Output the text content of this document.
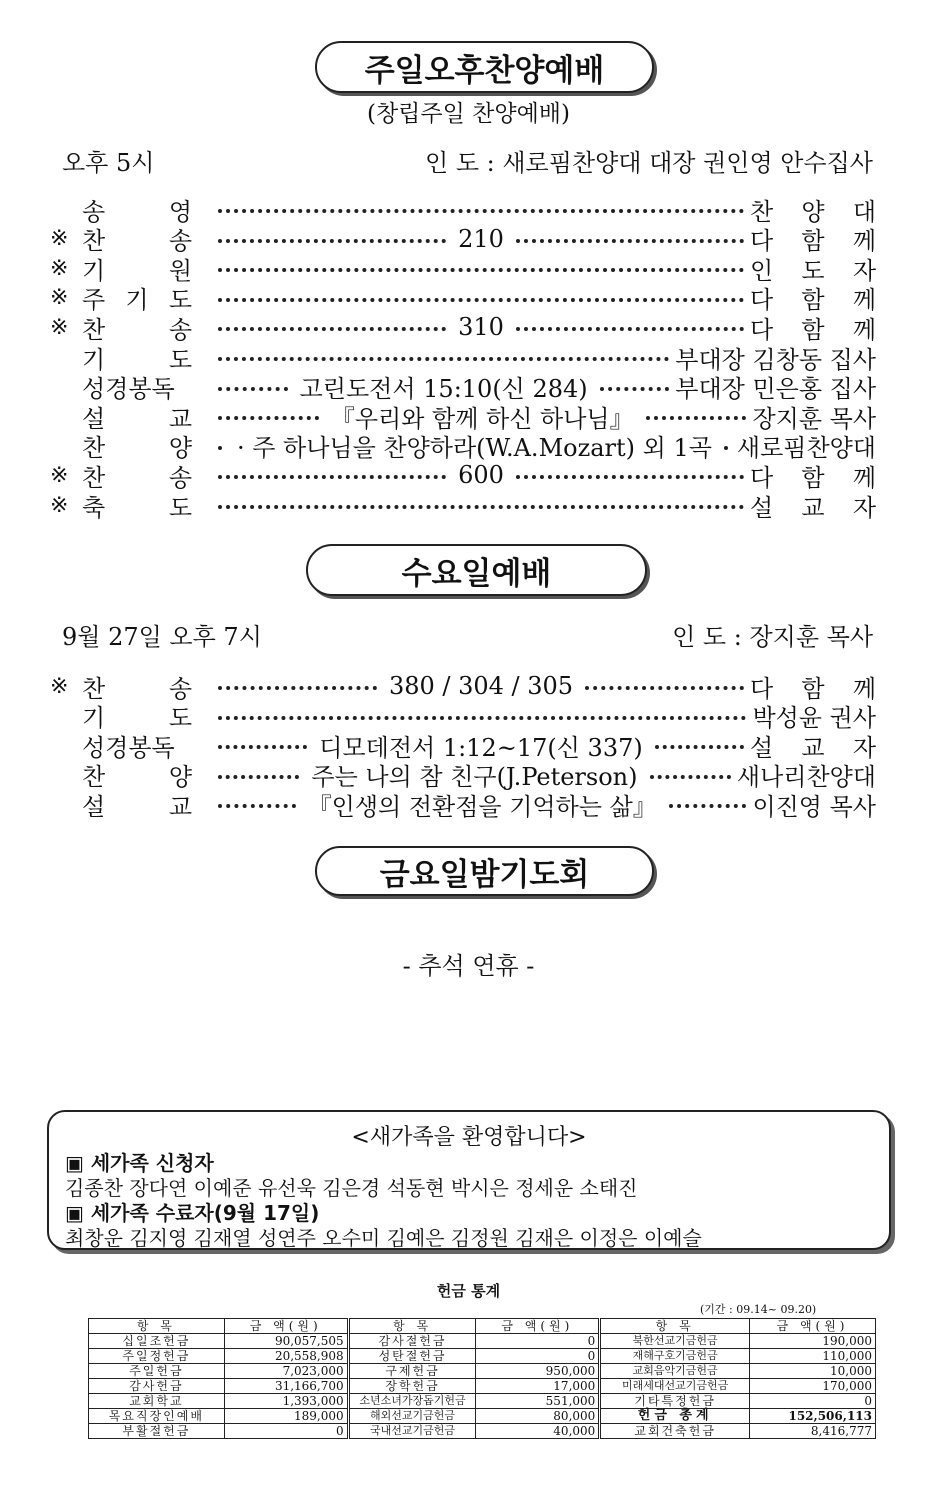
주일오후찬양예배
(창립주일 찬양예배)
오후 5시	인 도 : 새로핌찬양대 대장 권인영 안수집사
송	영	찬 양 대
※ 찬	송	210	다 함 께
※ 기	원	인 도 자
※ 주 기 도	다 함 께
※ 찬	송	310	다 함 께
기	도	부대장 김창동 집사
성경봉독	고린도전서 15:10(신 284)	부대장 민은홍 집사
설	교	『우리와 함께 하신 하나님』	장지훈 목사
찬	양 · 주 하나님을 찬양하라(W.A.Mozart) 외 1곡 새로핌찬양대
※ 찬	송	600	다 함 께
※ 축	도	설 교 자
수요일예배
9월 27일 오후 7시	인 도 : 장지훈 목사
※ 찬	송	380 / 304 / 305	다 함 께
기	도	박성윤 권사
성경봉독	디모데전서 1:12~17(신 337)	설 교 자
찬	양	주는 나의 참 친구(J.Peterson)	새나리찬양대
설	교	『인생의 전환점을 기억하는 삶』	이진영 목사
금요일밤기도회
- 추석 연휴 -
<새가족을 환영합니다>
▣ 세가족 신청자
김종찬 장다연 이예준 유선욱 김은경 석동현 박시은 정세운 소태진
▣ 세가족 수료자(9월 17일)
최창운 김지영 김재열 성연주 오수미 김예은 김정원 김재은 이정은 이예슬
헌금 통계
(기간 : 09.14~ 09.20)
항 목	금 액(원)	항 목	금 액(원)	항 목	금 액(원)
십일조헌금	90,057,505	감사절헌금	0	북한선교기금헌금	190,000
주일정헌금	20,558,908	성탄절헌금	0	재해구호기금헌금	110,000
주일헌금	7,023,000	구제헌금	950,000	교회음악기금헌금	10,000
감사헌금	31,166,700	장학헌금	17,000	미래세대선교기금헌금	170,000
교회학교	1,393,000	소년소녀가장돕기헌금	551,000	기타특정헌금	0
목요직장인예배	189,000	해외선교기금헌금	80,000	헌금 총계	152,506,113
부활절헌금	0	국내선교기금헌금	40,000	교회건축헌금	8,416,777
